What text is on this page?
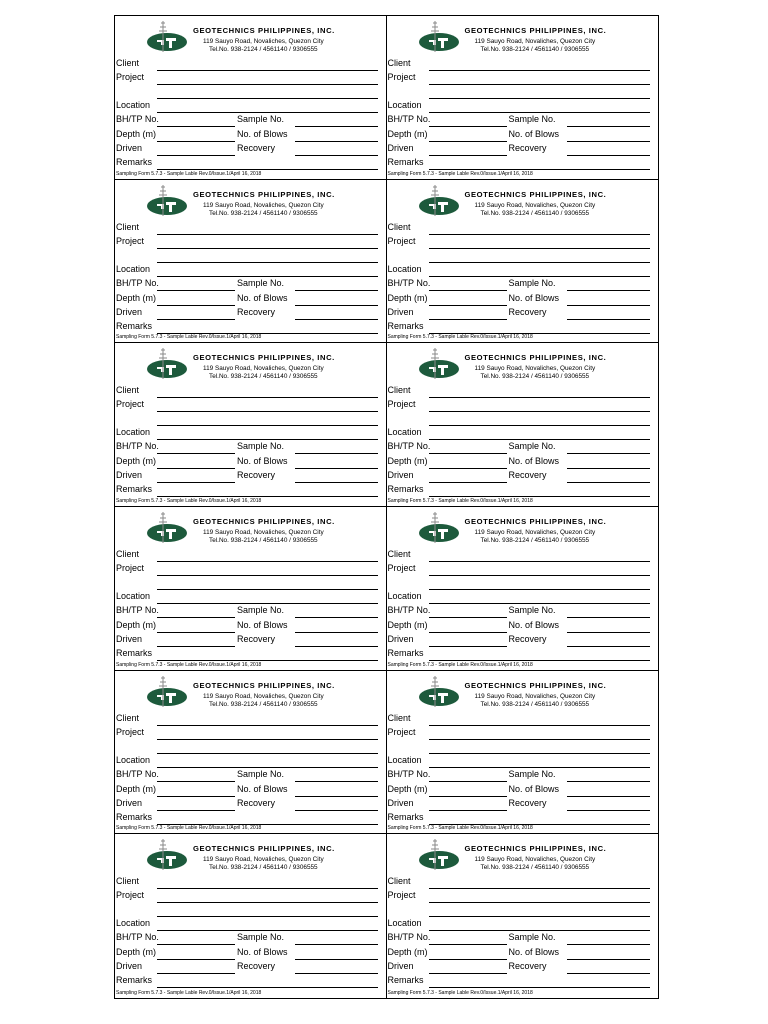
GEOTECHNICS PHILIPPINES, INC.
119 Sauyo Road, Novaliches, Quezon City
Tel.No. 938-2124 / 4561140 / 9306555
Client
Project
Location
BH/TP No.	Sample No.
Depth (m)	No. of Blows
Driven	Recovery
Remarks
Sampling Form 5.7.3 - Sample Lable Rev.0/Issue.1/April 16, 2018
GEOTECHNICS PHILIPPINES, INC.
119 Sauyo Road, Novaliches, Quezon City
Tel.No. 938-2124 / 4561140 / 9306555
Client
Project
Location
BH/TP No.	Sample No.
Depth (m)	No. of Blows
Driven	Recovery
Remarks
Sampling Form 5.7.3 - Sample Lable Rev.0/Issue.1/April 16, 2018
GEOTECHNICS PHILIPPINES, INC.
119 Sauyo Road, Novaliches, Quezon City
Tel.No. 938-2124 / 4561140 / 9306555
Client
Project
Location
BH/TP No.	Sample No.
Depth (m)	No. of Blows
Driven	Recovery
Remarks
Sampling Form 5.7.3 - Sample Lable Rev.0/Issue.1/April 16, 2018
GEOTECHNICS PHILIPPINES, INC.
119 Sauyo Road, Novaliches, Quezon City
Tel.No. 938-2124 / 4561140 / 9306555
Client
Project
Location
BH/TP No.	Sample No.
Depth (m)	No. of Blows
Driven	Recovery
Remarks
Sampling Form 5.7.3 - Sample Lable Rev.0/Issue.1/April 16, 2018
GEOTECHNICS PHILIPPINES, INC.
119 Sauyo Road, Novaliches, Quezon City
Tel.No. 938-2124 / 4561140 / 9306555
Client
Project
Location
BH/TP No.	Sample No.
Depth (m)	No. of Blows
Driven	Recovery
Remarks
Sampling Form 5.7.3 - Sample Lable Rev.0/Issue.1/April 16, 2018
GEOTECHNICS PHILIPPINES, INC.
119 Sauyo Road, Novaliches, Quezon City
Tel.No. 938-2124 / 4561140 / 9306555
Client
Project
Location
BH/TP No.	Sample No.
Depth (m)	No. of Blows
Driven	Recovery
Remarks
Sampling Form 5.7.3 - Sample Lable Rev.0/Issue.1/April 16, 2018
GEOTECHNICS PHILIPPINES, INC.
119 Sauyo Road, Novaliches, Quezon City
Tel.No. 938-2124 / 4561140 / 9306555
Client
Project
Location
BH/TP No.	Sample No.
Depth (m)	No. of Blows
Driven	Recovery
Remarks
Sampling Form 5.7.3 - Sample Lable Rev.0/Issue.1/April 16, 2018
GEOTECHNICS PHILIPPINES, INC.
119 Sauyo Road, Novaliches, Quezon City
Tel.No. 938-2124 / 4561140 / 9306555
Client
Project
Location
BH/TP No.	Sample No.
Depth (m)	No. of Blows
Driven	Recovery
Remarks
Sampling Form 5.7.3 - Sample Lable Rev.0/Issue.1/April 16, 2018
GEOTECHNICS PHILIPPINES, INC.
119 Sauyo Road, Novaliches, Quezon City
Tel.No. 938-2124 / 4561140 / 9306555
Client
Project
Location
BH/TP No.	Sample No.
Depth (m)	No. of Blows
Driven	Recovery
Remarks
Sampling Form 5.7.3 - Sample Lable Rev.0/Issue.1/April 16, 2018
GEOTECHNICS PHILIPPINES, INC.
119 Sauyo Road, Novaliches, Quezon City
Tel.No. 938-2124 / 4561140 / 9306555
Client
Project
Location
BH/TP No.	Sample No.
Depth (m)	No. of Blows
Driven	Recovery
Remarks
Sampling Form 5.7.3 - Sample Lable Rev.0/Issue.1/April 16, 2018
GEOTECHNICS PHILIPPINES, INC.
119 Sauyo Road, Novaliches, Quezon City
Tel.No. 938-2124 / 4561140 / 9306555
Client
Project
Location
BH/TP No.	Sample No.
Depth (m)	No. of Blows
Driven	Recovery
Remarks
Sampling Form 5.7.3 - Sample Lable Rev.0/Issue.1/April 16, 2018
GEOTECHNICS PHILIPPINES, INC.
119 Sauyo Road, Novaliches, Quezon City
Tel.No. 938-2124 / 4561140 / 9306555
Client
Project
Location
BH/TP No.	Sample No.
Depth (m)	No. of Blows
Driven	Recovery
Remarks
Sampling Form 5.7.3 - Sample Lable Rev.0/Issue.1/April 16, 2018
